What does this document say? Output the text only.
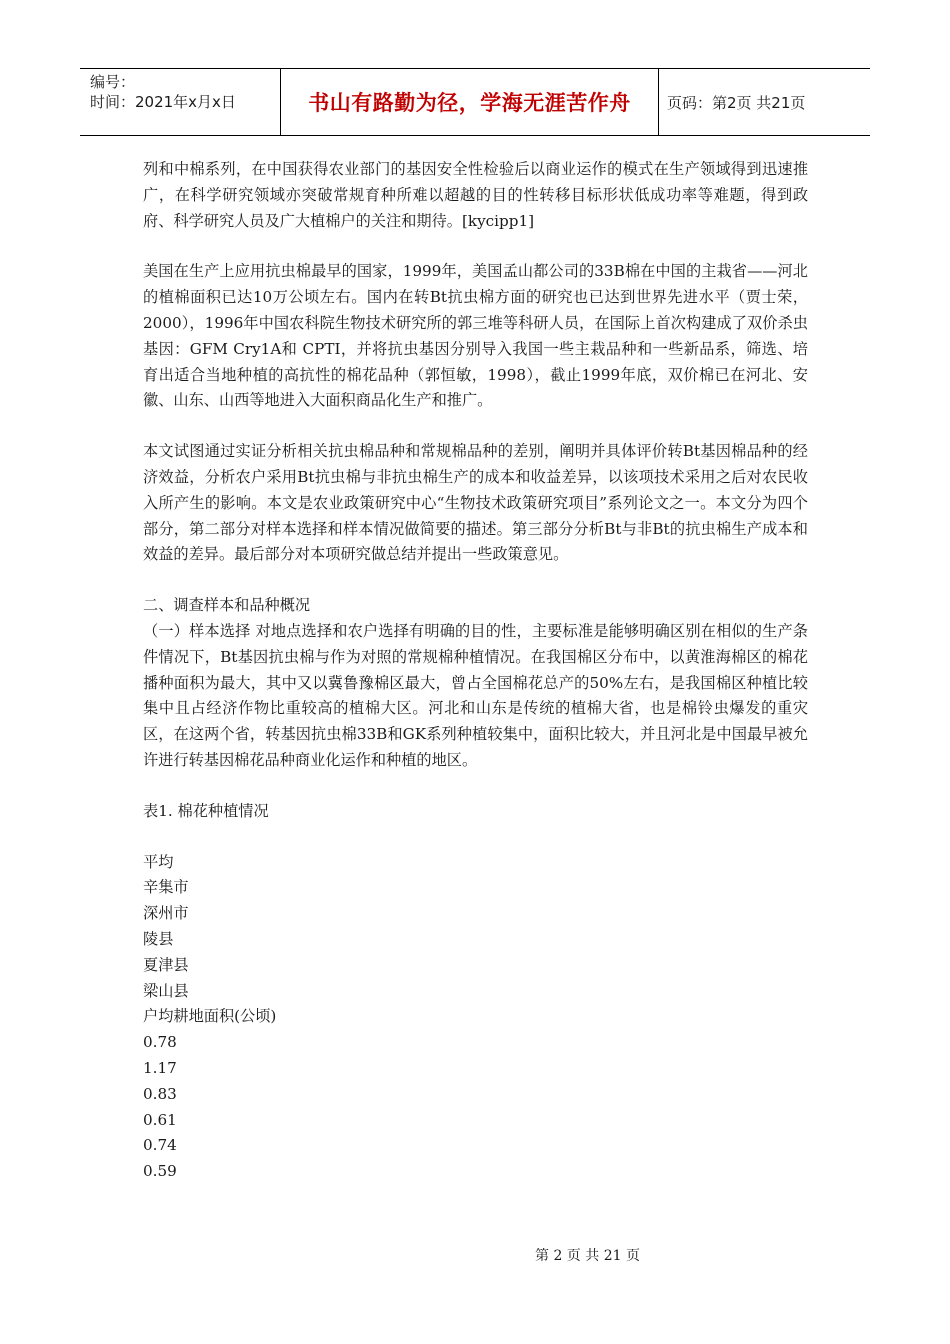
编号：
时间：2021年x月x日	书山有路勤为径，学海无涯苦作舟	页码：第2页 共21页

列和中棉系列，在中国获得农业部门的基因安全性检验后以商业运作的模式在生产领域得到迅速推广，在科学研究领域亦突破常规育种所难以超越的目的性转移目标形状低成功率等难题，得到政府、科学研究人员及广大植棉户的关注和期待。[kycipp1]

美国在生产上应用抗虫棉最早的国家，1999年，美国孟山都公司的33B棉在中国的主栽省——河北的植棉面积已达10万公顷左右。国内在转Bt抗虫棉方面的研究也已达到世界先进水平（贾士荣，2000），1996年中国农科院生物技术研究所的郭三堆等科研人员，在国际上首次构建成了双价杀虫基因：GFM Cry1A和 CPTI，并将抗虫基因分别导入我国一些主栽品种和一些新品系，筛选、培育出适合当地种植的高抗性的棉花品种（郭恒敏，1998），截止1999年底，双价棉已在河北、安徽、山东、山西等地进入大面积商品化生产和推广。

本文试图通过实证分析相关抗虫棉品种和常规棉品种的差别，阐明并具体评价转Bt基因棉品种的经济效益，分析农户采用Bt抗虫棉与非抗虫棉生产的成本和收益差异，以该项技术采用之后对农民收入所产生的影响。本文是农业政策研究中心“生物技术政策研究项目”系列论文之一。本文分为四个部分，第二部分对样本选择和样本情况做简要的描述。第三部分分析Bt与非Bt的抗虫棉生产成本和效益的差异。最后部分对本项研究做总结并提出一些政策意见。

二、调查样本和品种概况

（一）样本选择 对地点选择和农户选择有明确的目的性，主要标准是能够明确区别在相似的生产条件情况下，Bt基因抗虫棉与作为对照的常规棉种植情况。在我国棉区分布中，以黄淮海棉区的棉花播种面积为最大，其中又以冀鲁豫棉区最大，曾占全国棉花总产的50%左右，是我国棉区种植比较集中且占经济作物比重较高的植棉大区。河北和山东是传统的植棉大省，也是棉铃虫爆发的重灾区，在这两个省，转基因抗虫棉33B和GK系列种植较集中，面积比较大，并且河北是中国最早被允许进行转基因棉花品种商业化运作和种植的地区。

表1. 棉花种植情况

平均

辛集市

深州市

陵县

夏津县

梁山县

户均耕地面积(公顷)

0.78

1.17

0.83

0.61

0.74

0.59

第 2 页 共 21 页
